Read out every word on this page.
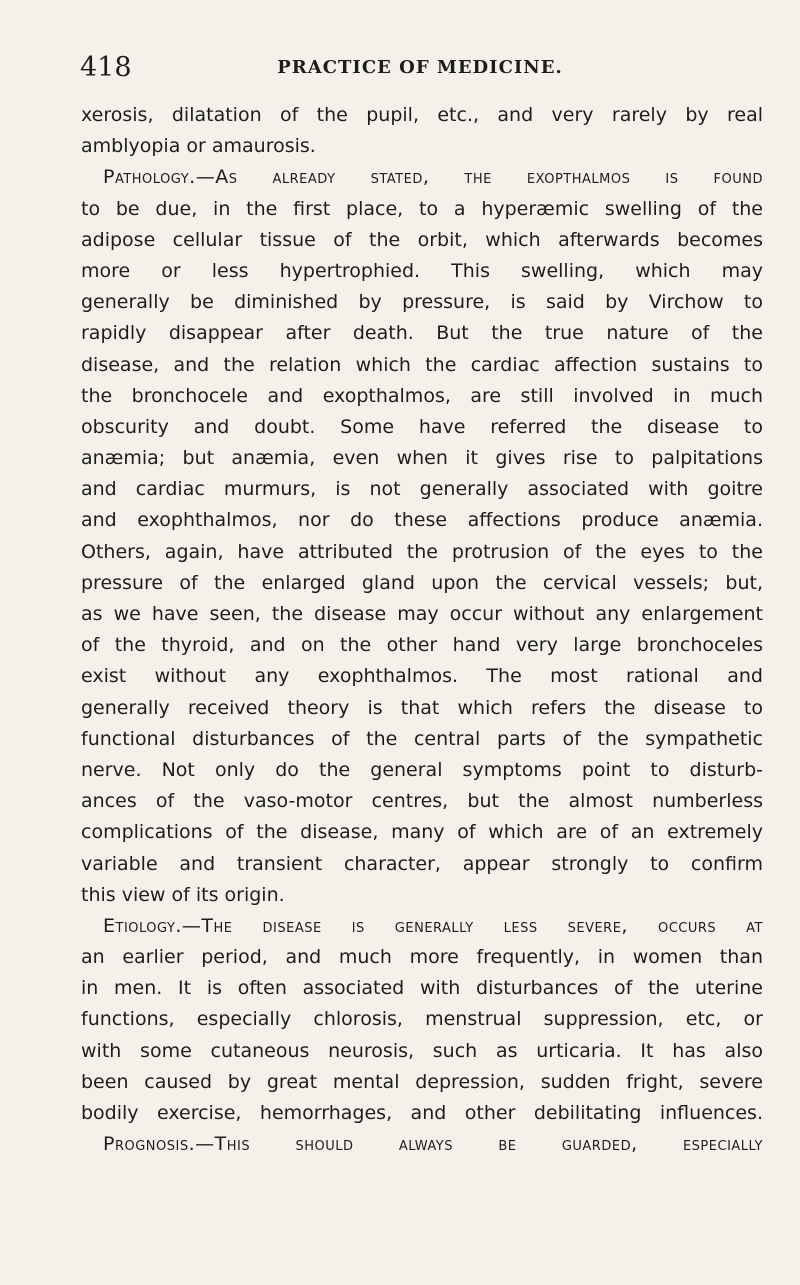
418	PRACTICE OF MEDICINE.
xerosis, dilatation of the pupil, etc., and very rarely by real
amblyopia or amaurosis.
Pathology.—As already stated, the exopthalmos is found
to be due, in the first place, to a hyperæmic swelling of the
adipose cellular tissue of the orbit, which afterwards becomes
more or less hypertrophied. This swelling, which may
generally be diminished by pressure, is said by Virchow to
rapidly disappear after death. But the true nature of the
disease, and the relation which the cardiac affection sustains to
the bronchocele and exopthalmos, are still involved in much
obscurity and doubt. Some have referred the disease to
anæmia; but anæmia, even when it gives rise to palpitations
and cardiac murmurs, is not generally associated with goitre
and exophthalmos, nor do these affections produce anæmia.
Others, again, have attributed the protrusion of the eyes to the
pressure of the enlarged gland upon the cervical vessels; but,
as we have seen, the disease may occur without any enlargement
of the thyroid, and on the other hand very large bronchoceles
exist without any exophthalmos. The most rational and
generally received theory is that which refers the disease to
functional disturbances of the central parts of the sympathetic
nerve. Not only do the general symptoms point to disturb-
ances of the vaso-motor centres, but the almost numberless
complications of the disease, many of which are of an extremely
variable and transient character, appear strongly to confirm
this view of its origin.
Etiology.—The disease is generally less severe, occurs at
an earlier period, and much more frequently, in women than
in men. It is often associated with disturbances of the uterine
functions, especially chlorosis, menstrual suppression, etc, or
with some cutaneous neurosis, such as urticaria. It has also
been caused by great mental depression, sudden fright, severe
bodily exercise, hemorrhages, and other debilitating influences.
Prognosis.—This should always be guarded, especially
